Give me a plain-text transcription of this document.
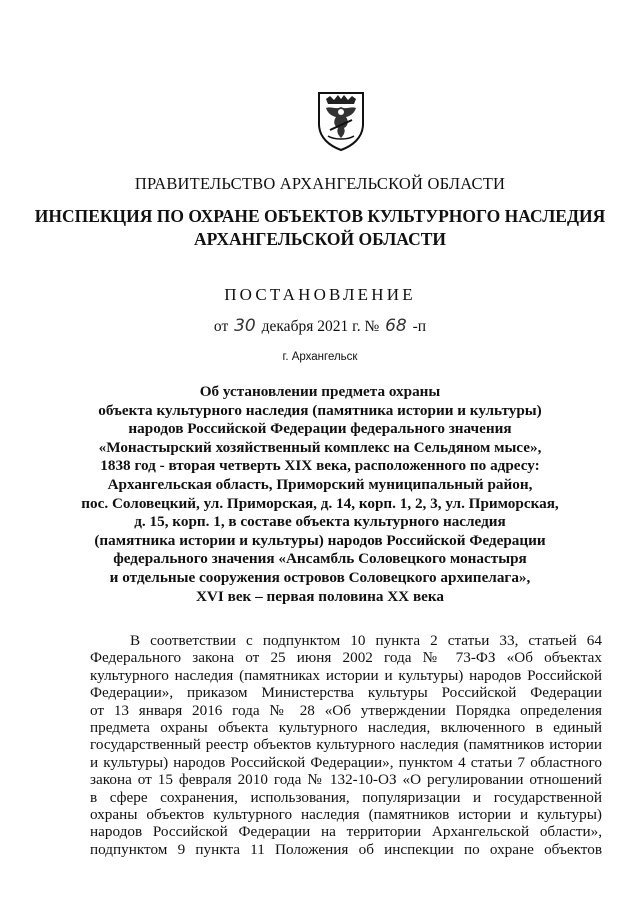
ПРАВИТЕЛЬСТВО АРХАНГЕЛЬСКОЙ ОБЛАСТИ
ИНСПЕКЦИЯ ПО ОХРАНЕ ОБЪЕКТОВ КУЛЬТУРНОГО НАСЛЕДИЯ
АРХАНГЕЛЬСКОЙ ОБЛАСТИ
ПОСТАНОВЛЕНИЕ
от 30 декабря 2021 г. № 68 -п
г. Архангельск
Об установлении предмета охраны
объекта культурного наследия (памятника истории и культуры)
народов Российской Федерации федерального значения
«Монастырский хозяйственный комплекс на Сельдяном мысе»,
1838 год - вторая четверть XIX века, расположенного по адресу:
Архангельская область, Приморский муниципальный район,
пос. Соловецкий, ул. Приморская, д. 14, корп. 1, 2, 3, ул. Приморская,
д. 15, корп. 1, в составе объекта культурного наследия
(памятника истории и культуры) народов Российской Федерации
федерального значения «Ансамбль Соловецкого монастыря
и отдельные сооружения островов Соловецкого архипелага»,
XVI век – первая половина XX века
В соответствии с подпунктом 10 пункта 2 статьи 33, статьей 64
Федерального закона от 25 июня 2002 года № 73-ФЗ «Об объектах
культурного наследия (памятниках истории и культуры) народов Российской
Федерации», приказом Министерства культуры Российской Федерации
от 13 января 2016 года № 28 «Об утверждении Порядка определения
предмета охраны объекта культурного наследия, включенного в единый
государственный реестр объектов культурного наследия (памятников истории
и культуры) народов Российской Федерации», пунктом 4 статьи 7 областного
закона от 15 февраля 2010 года № 132-10-ОЗ «О регулировании отношений
в сфере сохранения, использования, популяризации и государственной
охраны объектов культурного наследия (памятников истории и культуры)
народов Российской Федерации на территории Архангельской области»,
подпунктом 9 пункта 11 Положения об инспекции по охране объектов
